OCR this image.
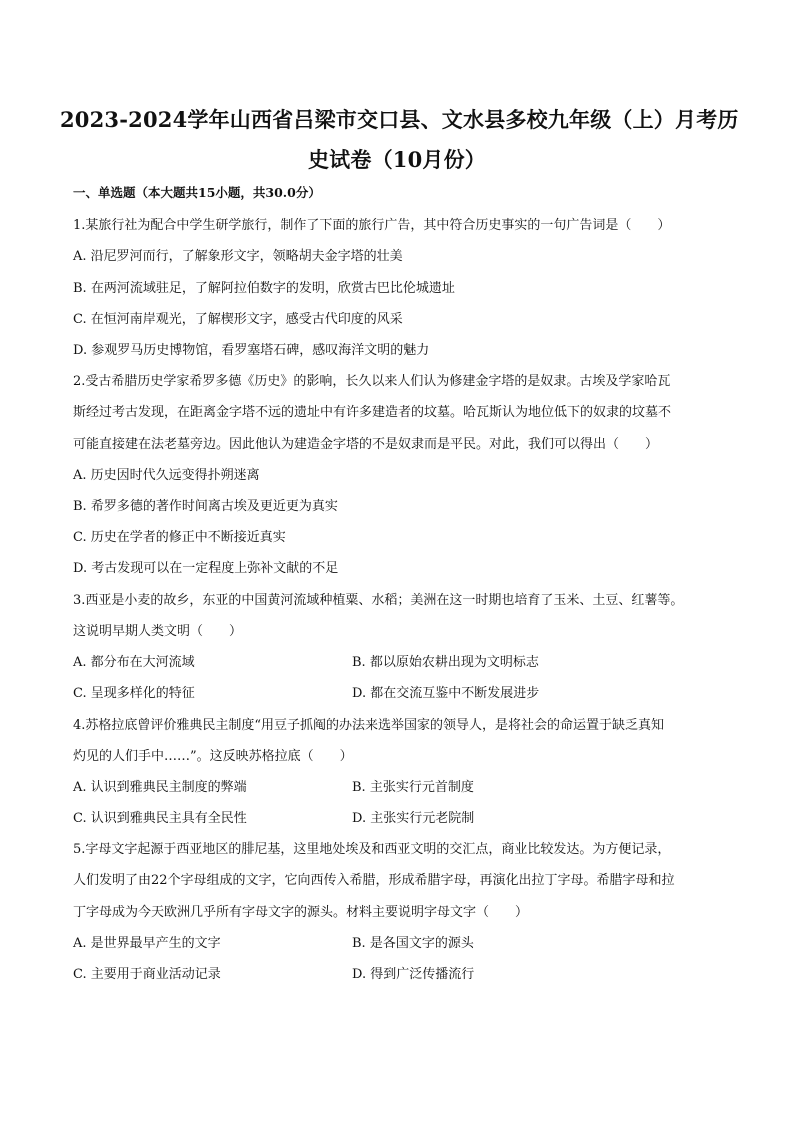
2023-2024学年山西省吕梁市交口县、文水县多校九年级（上）月考历
史试卷（10月份）
一、单选题（本大题共15小题，共30.0分）
1.某旅行社为配合中学生研学旅行，制作了下面的旅行广告，其中符合历史事实的一句广告词是（　　）
A. 沿尼罗河而行，了解象形文字，领略胡夫金字塔的壮美
B. 在两河流域驻足，了解阿拉伯数字的发明，欣赏古巴比伦城遗址
C. 在恒河南岸观光，了解楔形文字，感受古代印度的风采
D. 参观罗马历史博物馆，看罗塞塔石碑，感叹海洋文明的魅力
2.受古希腊历史学家希罗多德《历史》的影响，长久以来人们认为修建金字塔的是奴隶。古埃及学家哈瓦
斯经过考古发现，在距离金字塔不远的遗址中有许多建造者的坟墓。哈瓦斯认为地位低下的奴隶的坟墓不
可能直接建在法老墓旁边。因此他认为建造金字塔的不是奴隶而是平民。对此，我们可以得出（　　）
A. 历史因时代久远变得扑朔迷离
B. 希罗多德的著作时间离古埃及更近更为真实
C. 历史在学者的修正中不断接近真实
D. 考古发现可以在一定程度上弥补文献的不足
3.西亚是小麦的故乡，东亚的中国黄河流域种植粟、水稻；美洲在这一时期也培育了玉米、土豆、红薯等。
这说明早期人类文明（　　）
A. 都分布在大河流域	B. 都以原始农耕出现为文明标志
C. 呈现多样化的特征	D. 都在交流互鉴中不断发展进步
4.苏格拉底曾评价雅典民主制度“用豆子抓阄的办法来选举国家的领导人，是将社会的命运置于缺乏真知
灼见的人们手中……”。这反映苏格拉底（　　）
A. 认识到雅典民主制度的弊端	B. 主张实行元首制度
C. 认识到雅典民主具有全民性	D. 主张实行元老院制
5.字母文字起源于西亚地区的腓尼基，这里地处埃及和西亚文明的交汇点，商业比较发达。为方便记录，
人们发明了由22个字母组成的文字，它向西传入希腊，形成希腊字母，再演化出拉丁字母。希腊字母和拉
丁字母成为今天欧洲几乎所有字母文字的源头。材料主要说明字母文字（　　）
A. 是世界最早产生的文字	B. 是各国文字的源头
C. 主要用于商业活动记录	D. 得到广泛传播流行
